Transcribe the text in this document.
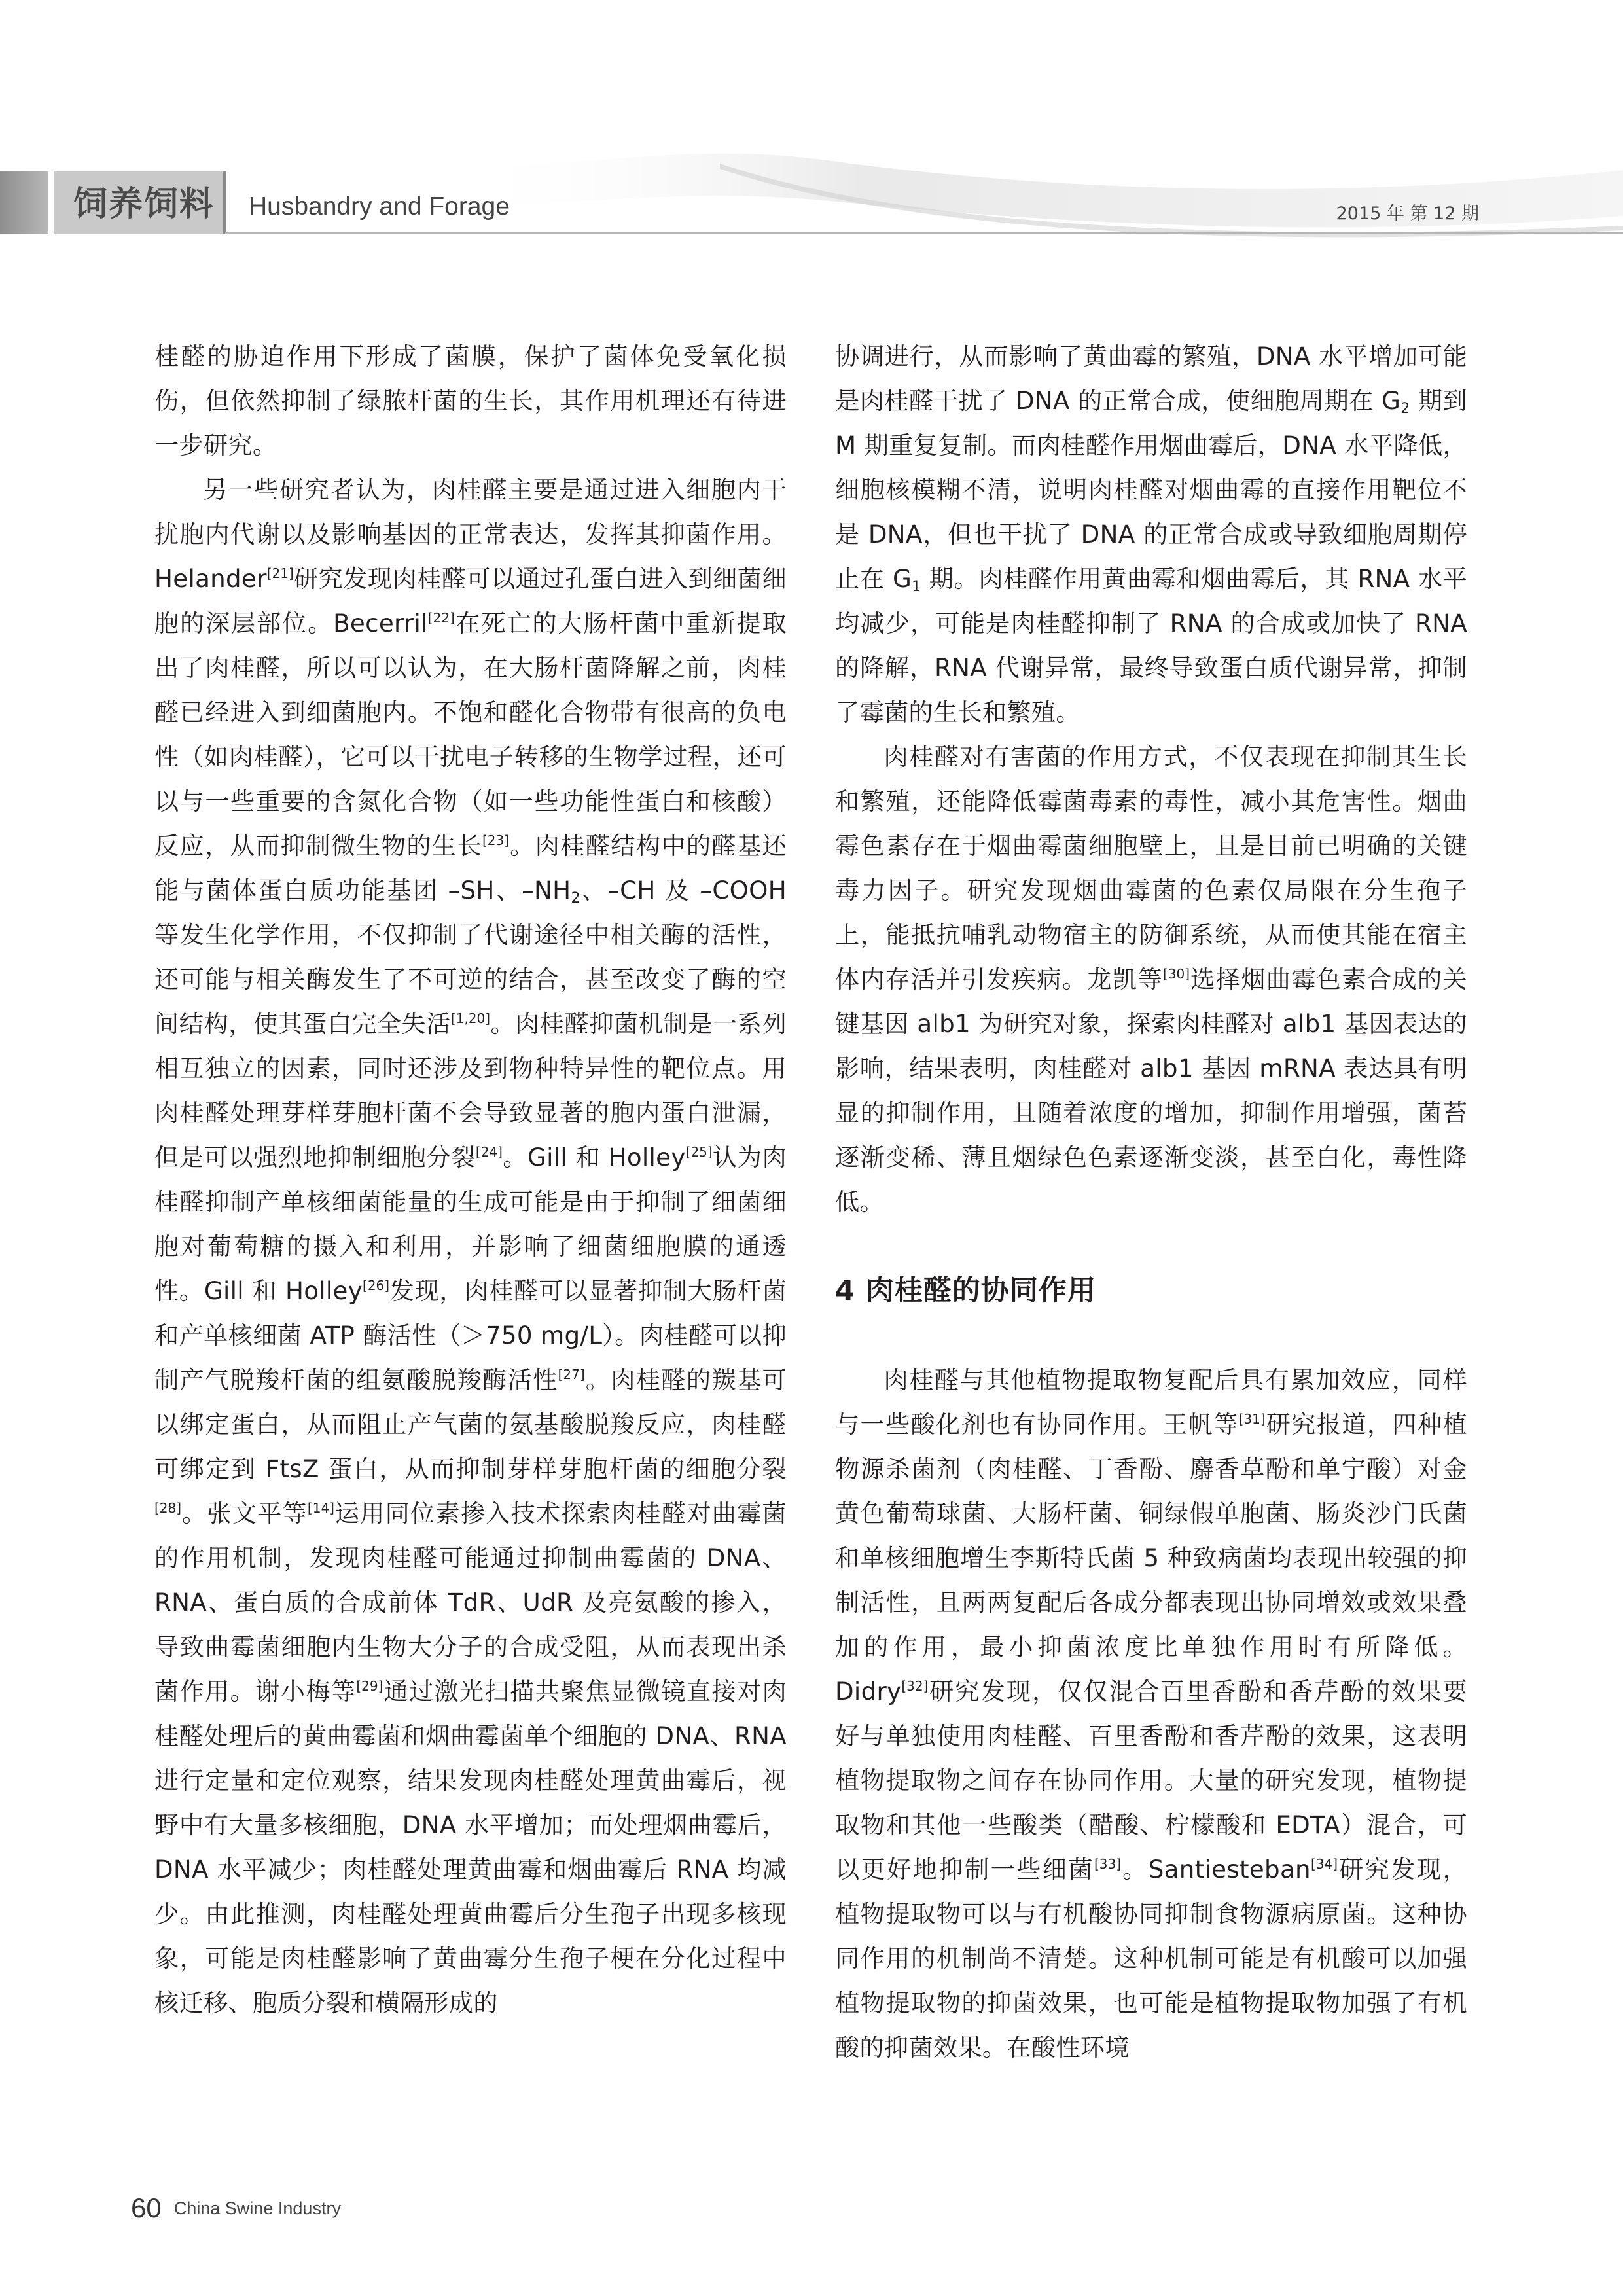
饲养饲料	Husbandry and Forage	2015 年 第 12 期

桂醛的胁迫作用下形成了菌膜，保护了菌体免受氧化损伤，但依然抑制了绿脓杆菌的生长，其作用机理还有待进一步研究。

另一些研究者认为，肉桂醛主要是通过进入细胞内干扰胞内代谢以及影响基因的正常表达，发挥其抑菌作用。Helander[21]研究发现肉桂醛可以通过孔蛋白进入到细菌细胞的深层部位。Becerril[22]在死亡的大肠杆菌中重新提取出了肉桂醛，所以可以认为，在大肠杆菌降解之前，肉桂醛已经进入到细菌胞内。不饱和醛化合物带有很高的负电性（如肉桂醛），它可以干扰电子转移的生物学过程，还可以与一些重要的含氮化合物（如一些功能性蛋白和核酸）反应，从而抑制微生物的生长[23]。肉桂醛结构中的醛基还能与菌体蛋白质功能基团 –SH、$-NH_2$、–CH 及 –COOH 等发生化学作用，不仅抑制了代谢途径中相关酶的活性，还可能与相关酶发生了不可逆的结合，甚至改变了酶的空间结构，使其蛋白完全失活[1,20]。肉桂醛抑菌机制是一系列相互独立的因素，同时还涉及到物种特异性的靶位点。用肉桂醛处理芽样芽胞杆菌不会导致显著的胞内蛋白泄漏，但是可以强烈地抑制细胞分裂[24]。Gill 和 Holley[25]认为肉桂醛抑制产单核细菌能量的生成可能是由于抑制了细菌细胞对葡萄糖的摄入和利用，并影响了细菌细胞膜的通透性。Gill 和 Holley[26]发现，肉桂醛可以显著抑制大肠杆菌和产单核细菌 ATP 酶活性（＞750 mg/L）。肉桂醛可以抑制产气脱羧杆菌的组氨酸脱羧酶活性[27]。肉桂醛的羰基可以绑定蛋白，从而阻止产气菌的氨基酸脱羧反应，肉桂醛可绑定到 FtsZ 蛋白，从而抑制芽样芽胞杆菌的细胞分裂[28]。张文平等[14]运用同位素掺入技术探索肉桂醛对曲霉菌的作用机制，发现肉桂醛可能通过抑制曲霉菌的 DNA、RNA、蛋白质的合成前体 TdR、UdR 及亮氨酸的掺入，导致曲霉菌细胞内生物大分子的合成受阻，从而表现出杀菌作用。谢小梅等[29]通过激光扫描共聚焦显微镜直接对肉桂醛处理后的黄曲霉菌和烟曲霉菌单个细胞的 DNA、RNA 进行定量和定位观察，结果发现肉桂醛处理黄曲霉后，视野中有大量多核细胞，DNA 水平增加；而处理烟曲霉后，DNA 水平减少；肉桂醛处理黄曲霉和烟曲霉后 RNA 均减少。由此推测，肉桂醛处理黄曲霉后分生孢子出现多核现象，可能是肉桂醛影响了黄曲霉分生孢子梗在分化过程中核迁移、胞质分裂和横隔形成的

协调进行，从而影响了黄曲霉的繁殖，DNA 水平增加可能是肉桂醛干扰了 DNA 的正常合成，使细胞周期在 $G_2$ 期到 M 期重复复制。而肉桂醛作用烟曲霉后，DNA 水平降低，细胞核模糊不清，说明肉桂醛对烟曲霉的直接作用靶位不是 DNA，但也干扰了 DNA 的正常合成或导致细胞周期停止在 $G_1$ 期。肉桂醛作用黄曲霉和烟曲霉后，其 RNA 水平均减少，可能是肉桂醛抑制了 RNA 的合成或加快了 RNA 的降解，RNA 代谢异常，最终导致蛋白质代谢异常，抑制了霉菌的生长和繁殖。

肉桂醛对有害菌的作用方式，不仅表现在抑制其生长和繁殖，还能降低霉菌毒素的毒性，减小其危害性。烟曲霉色素存在于烟曲霉菌细胞壁上，且是目前已明确的关键毒力因子。研究发现烟曲霉菌的色素仅局限在分生孢子上，能抵抗哺乳动物宿主的防御系统，从而使其能在宿主体内存活并引发疾病。龙凯等[30]选择烟曲霉色素合成的关键基因 alb1 为研究对象，探索肉桂醛对 alb1 基因表达的影响，结果表明，肉桂醛对 alb1 基因 mRNA 表达具有明显的抑制作用，且随着浓度的增加，抑制作用增强，菌苔逐渐变稀、薄且烟绿色色素逐渐变淡，甚至白化，毒性降低。

4 肉桂醛的协同作用

肉桂醛与其他植物提取物复配后具有累加效应，同样与一些酸化剂也有协同作用。王帆等[31]研究报道，四种植物源杀菌剂（肉桂醛、丁香酚、麝香草酚和单宁酸）对金黄色葡萄球菌、大肠杆菌、铜绿假单胞菌、肠炎沙门氏菌和单核细胞增生李斯特氏菌 5 种致病菌均表现出较强的抑制活性，且两两复配后各成分都表现出协同增效或效果叠加的作用，最小抑菌浓度比单独作用时有所降低。Didry[32]研究发现，仅仅混合百里香酚和香芹酚的效果要好与单独使用肉桂醛、百里香酚和香芹酚的效果，这表明植物提取物之间存在协同作用。大量的研究发现，植物提取物和其他一些酸类（醋酸、柠檬酸和 EDTA）混合，可以更好地抑制一些细菌[33]。Santiesteban[34]研究发现，植物提取物可以与有机酸协同抑制食物源病原菌。这种协同作用的机制尚不清楚。这种机制可能是有机酸可以加强植物提取物的抑菌效果，也可能是植物提取物加强了有机酸的抑菌效果。在酸性环境

60 China Swine Industry
